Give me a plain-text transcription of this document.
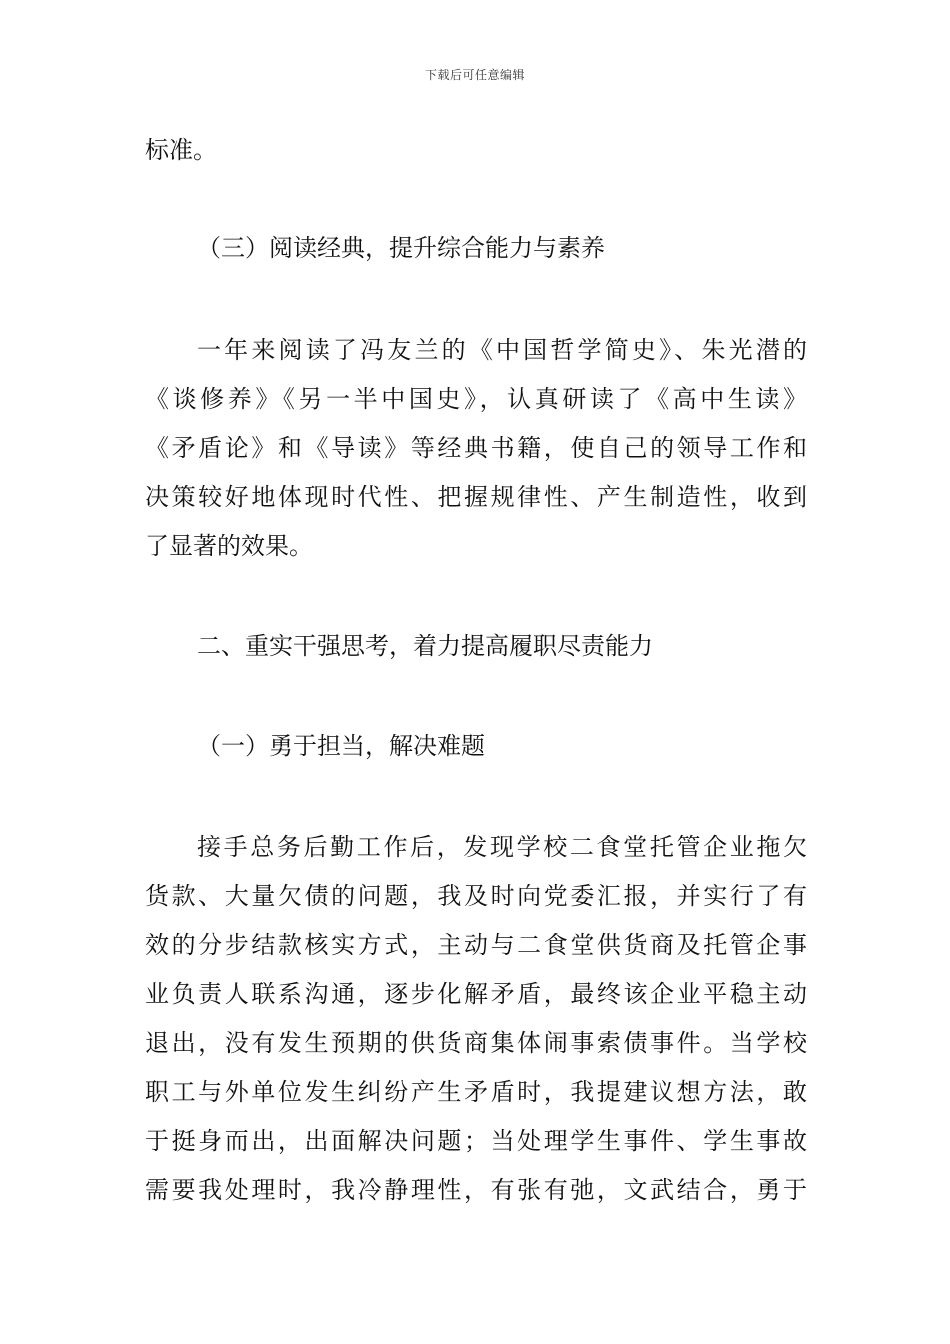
下载后可任意编辑
标准。
（三）阅读经典，提升综合能力与素养
一年来阅读了冯友兰的《中国哲学简史》、朱光潜的
《谈修养》《另一半中国史》，认真研读了《高中生读》
《矛盾论》和《导读》等经典书籍，使自己的领导工作和
决策较好地体现时代性、把握规律性、产生制造性，收到
了显著的效果。
二、重实干强思考，着力提高履职尽责能力
（一）勇于担当，解决难题
接手总务后勤工作后，发现学校二食堂托管企业拖欠
货款、大量欠债的问题，我及时向党委汇报，并实行了有
效的分步结款核实方式，主动与二食堂供货商及托管企事
业负责人联系沟通，逐步化解矛盾，最终该企业平稳主动
退出，没有发生预期的供货商集体闹事索债事件。当学校
职工与外单位发生纠纷产生矛盾时，我提建议想方法，敢
于挺身而出，出面解决问题；当处理学生事件、学生事故
需要我处理时，我冷静理性，有张有弛，文武结合，勇于
